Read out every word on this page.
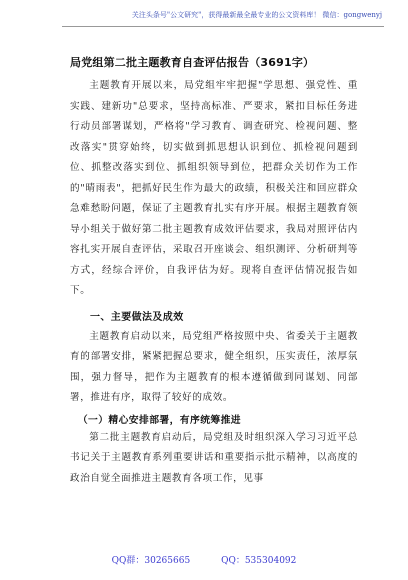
关注头条号"公文研究"，获得最新最全最专业的公文资料库！ 微信：gongwenyj
局党组第二批主题教育自查评估报告（3691字）

主题教育开展以来，局党组牢牢把握"学思想、强党性、重实践、建新功"总要求，坚持高标准、严要求，紧扣目标任务进行动员部署谋划，严格将"学习教育、调查研究、检视问题、整改落实"贯穿始终，切实做到抓思想认识到位、抓检视问题到位、抓整改落实到位、抓组织领导到位，把群众关切作为工作的"晴雨表"，把抓好民生作为最大的政绩，积极关注和回应群众急难愁盼问题，保证了主题教育扎实有序开展。根据主题教育领导小组关于做好第二批主题教育成效评估要求，我局对照评估内容扎实开展自查评估，采取召开座谈会、组织测评、分析研判等方式，经综合评价，自我评估为好。现将自查评估情况报告如下。

一、主要做法及成效

主题教育启动以来，局党组严格按照中央、省委关于主题教育的部署安排，紧紧把握总要求，健全组织，压实责任，浓厚氛围，强力督导，把作为主题教育的根本遵循做到同谋划、同部署，推进有序，取得了较好的成效。

（一）精心安排部署，有序统筹推进

第二批主题教育启动后，局党组及时组织深入学习习近平总书记关于主题教育系列重要讲话和重要指示批示精神，以高度的政治自觉全面推进主题教育各项工作，见事

QQ群：30265665	QQ：535304092
